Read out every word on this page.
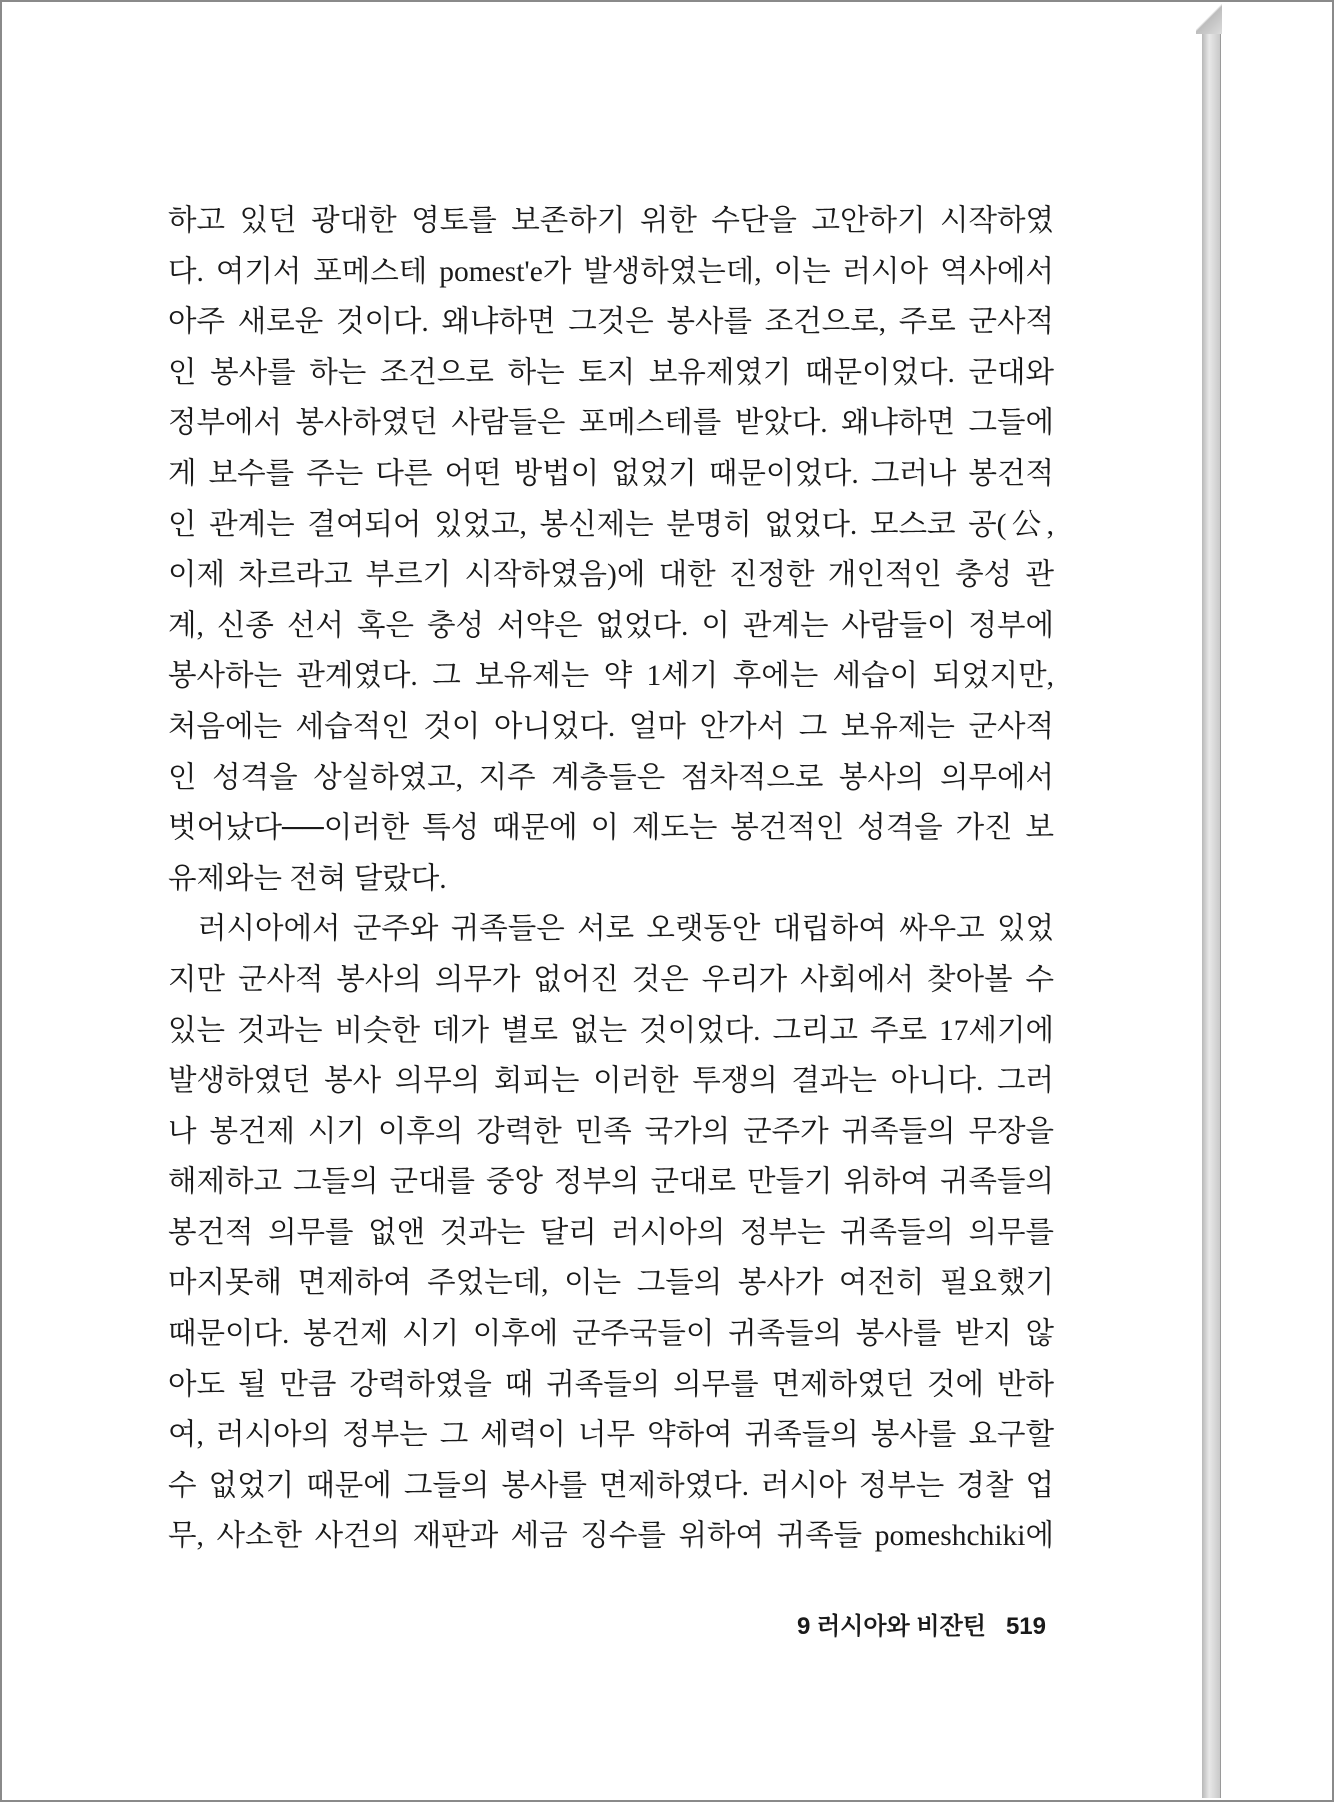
하고 있던 광대한 영토를 보존하기 위한 수단을 고안하기 시작하였
다. 여기서 포메스테 pomest'e가 발생하였는데, 이는 러시아 역사에서
아주 새로운 것이다. 왜냐하면 그것은 봉사를 조건으로, 주로 군사적
인 봉사를 하는 조건으로 하는 토지 보유제였기 때문이었다. 군대와
정부에서 봉사하였던 사람들은 포메스테를 받았다. 왜냐하면 그들에
게 보수를 주는 다른 어떤 방법이 없었기 때문이었다. 그러나 봉건적
인 관계는 결여되어 있었고, 봉신제는 분명히 없었다. 모스코 공(公,
이제 차르라고 부르기 시작하였음)에 대한 진정한 개인적인 충성 관
계, 신종 선서 혹은 충성 서약은 없었다. 이 관계는 사람들이 정부에
봉사하는 관계였다. 그 보유제는 약 1세기 후에는 세습이 되었지만,
처음에는 세습적인 것이 아니었다. 얼마 안가서 그 보유제는 군사적
인 성격을 상실하였고, 지주 계층들은 점차적으로 봉사의 의무에서
벗어났다──이러한 특성 때문에 이 제도는 봉건적인 성격을 가진 보
유제와는 전혀 달랐다.
러시아에서 군주와 귀족들은 서로 오랫동안 대립하여 싸우고 있었
지만 군사적 봉사의 의무가 없어진 것은 우리가 사회에서 찾아볼 수
있는 것과는 비슷한 데가 별로 없는 것이었다. 그리고 주로 17세기에
발생하였던 봉사 의무의 회피는 이러한 투쟁의 결과는 아니다. 그러
나 봉건제 시기 이후의 강력한 민족 국가의 군주가 귀족들의 무장을
해제하고 그들의 군대를 중앙 정부의 군대로 만들기 위하여 귀족들의
봉건적 의무를 없앤 것과는 달리 러시아의 정부는 귀족들의 의무를
마지못해 면제하여 주었는데, 이는 그들의 봉사가 여전히 필요했기
때문이다. 봉건제 시기 이후에 군주국들이 귀족들의 봉사를 받지 않
아도 될 만큼 강력하였을 때 귀족들의 의무를 면제하였던 것에 반하
여, 러시아의 정부는 그 세력이 너무 약하여 귀족들의 봉사를 요구할
수 없었기 때문에 그들의 봉사를 면제하였다. 러시아 정부는 경찰 업
무, 사소한 사건의 재판과 세금 징수를 위하여 귀족들 pomeshchiki에
9 러시아와 비잔틴 519
